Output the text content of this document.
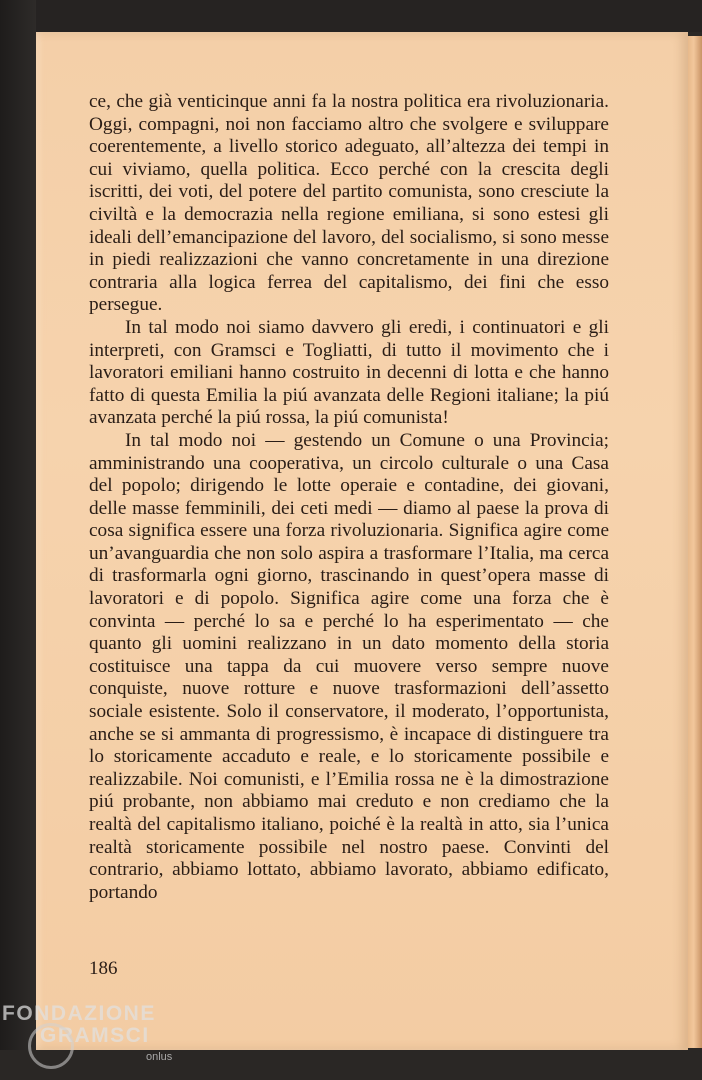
ce, che già venticinque anni fa la nostra politica era rivoluzionaria. Oggi, compagni, noi non facciamo altro che svolgere e sviluppare coerentemente, a livello storico adeguato, all’altezza dei tempi in cui viviamo, quella politica. Ecco perché con la crescita degli iscritti, dei voti, del potere del partito comunista, sono cresciute la civiltà e la democrazia nella regione emiliana, si sono estesi gli ideali dell’emancipazione del lavoro, del socialismo, si sono messe in piedi realizzazioni che vanno concretamente in una direzione contraria alla logica ferrea del capitalismo, dei fini che esso persegue.

In tal modo noi siamo davvero gli eredi, i continuatori e gli interpreti, con Gramsci e Togliatti, di tutto il movimento che i lavoratori emiliani hanno costruito in decenni di lotta e che hanno fatto di questa Emilia la piú avanzata delle Regioni italiane; la piú avanzata perché la piú rossa, la piú comunista!

In tal modo noi — gestendo un Comune o una Provincia; amministrando una cooperativa, un circolo culturale o una Casa del popolo; dirigendo le lotte operaie e contadine, dei giovani, delle masse femminili, dei ceti medi — diamo al paese la prova di cosa significa essere una forza rivoluzionaria. Significa agire come un’avanguardia che non solo aspira a trasformare l’Italia, ma cerca di trasformarla ogni giorno, trascinando in quest’opera masse di lavoratori e di popolo. Significa agire come una forza che è convinta — perché lo sa e perché lo ha esperimentato — che quanto gli uomini realizzano in un dato momento della storia costituisce una tappa da cui muovere verso sempre nuove conquiste, nuove rotture e nuove trasformazioni dell’assetto sociale esistente. Solo il conservatore, il moderato, l’opportunista, anche se si ammanta di progressismo, è incapace di distinguere tra lo storicamente accaduto e reale, e lo storicamente possibile e realizzabile. Noi comunisti, e l’Emilia rossa ne è la dimostrazione piú probante, non abbiamo mai creduto e non crediamo che la realtà del capitalismo italiano, poiché è la realtà in atto, sia l’unica realtà storicamente possibile nel nostro paese. Convinti del contrario, abbiamo lottato, abbiamo lavorato, abbiamo edificato, portando

186
FONDAZIONE
GRAMSCI
onlus
